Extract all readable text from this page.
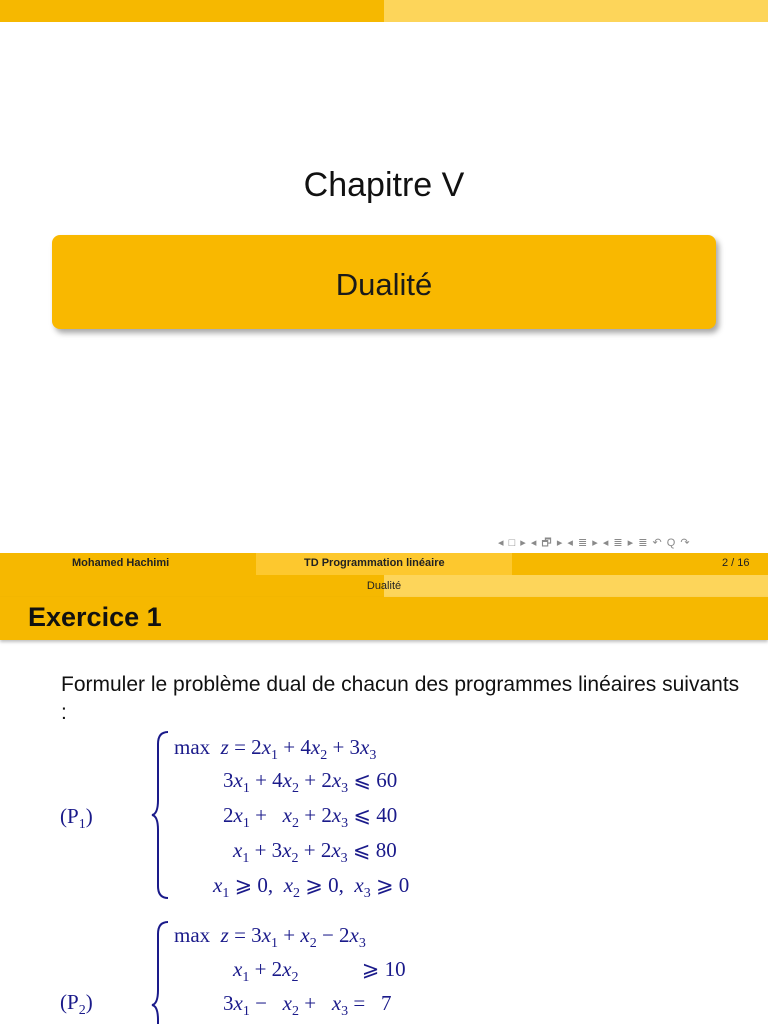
Chapitre V
Dualité
◂ □ ▸ ◂ 🗗 ▸ ◂ ≣ ▸ ◂ ≣ ▸ ≣ ↶ Q ↷
Mohamed Hachimi	TD Programmation linéaire	2 / 16
Dualité
Exercice 1
Formuler le problème dual de chacun des programmes linéaires suivants :
$(P_1)$
$\max z = 2x_1 + 4x_2 + 3x_3$
$3x_1 + 4x_2 + 2x_3$ ⩽ 60
$2x_1 + x_2 + 2x_3$ ⩽ 40
$x_1 + 3x_2 + 2x_3$ ⩽ 80
$x_1$ ⩾ 0,  $x_2$ ⩾ 0,  $x_3$ ⩾ 0
$(P_2)$
$\max z = 3x_1 + x_2 - 2x_3$
$x_1 + 2x_2$	⩾ 10
$3x_1 - x_2 + x_3 = 7$
